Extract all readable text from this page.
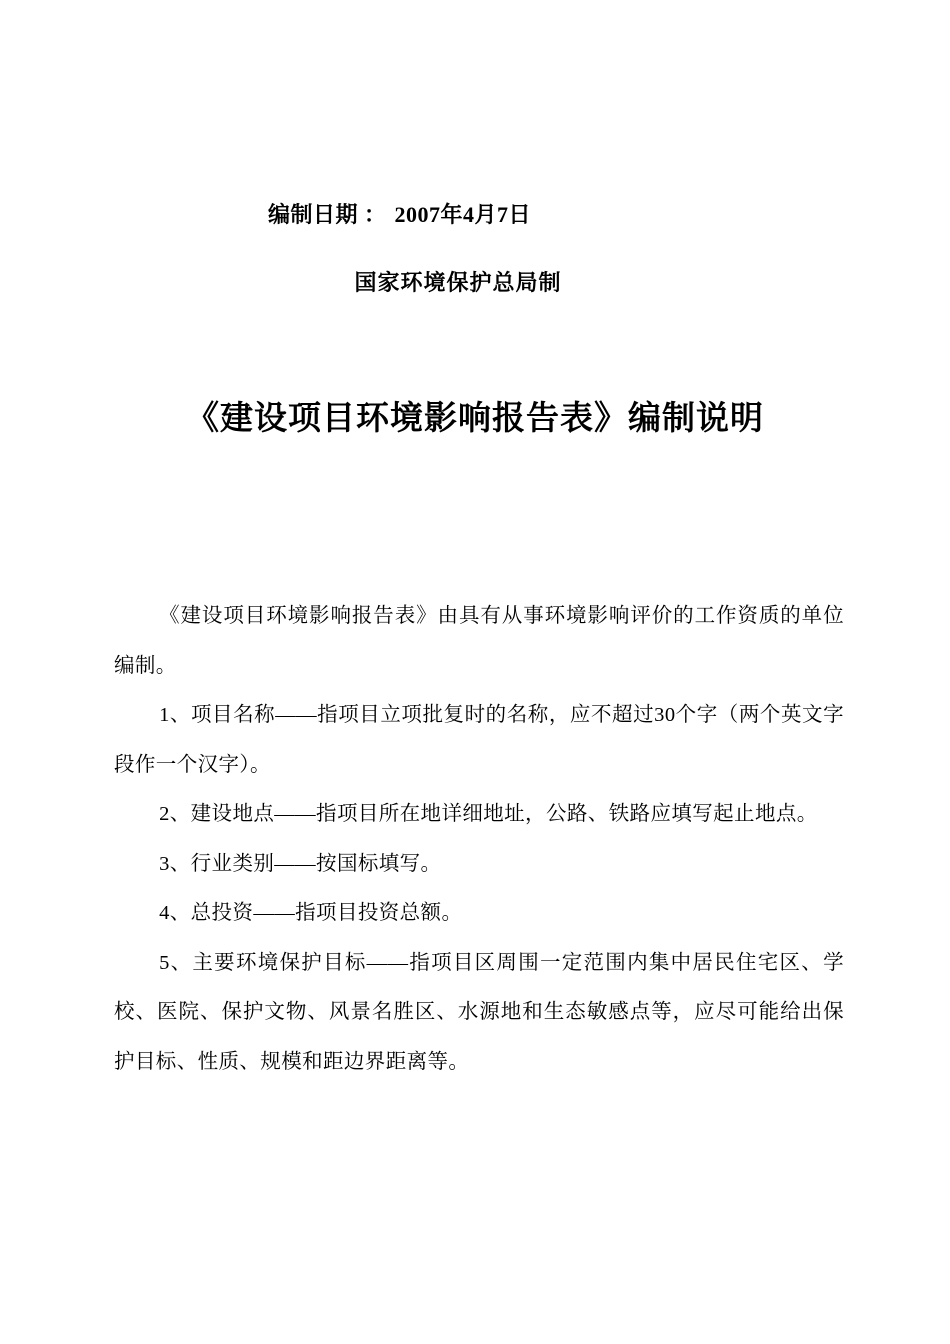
编制日期 ： 2007年4月7日
国家环境保护总局制
《建设项目环境影响报告表》编制说明

《建设项目环境影响报告表》由具有从事环境影响评价的工作资质的单位编制。

1、项目名称——指项目立项批复时的名称，应不超过30个字（两个英文字段作一个汉字）。

2、建设地点——指项目所在地详细地址，公路、铁路应填写起止地点。

3、行业类别——按国标填写。

4、总投资——指项目投资总额。

5、主要环境保护目标——指项目区周围一定范围内集中居民住宅区、学校、医院、保护文物、风景名胜区、水源地和生态敏感点等，应尽可能给出保护目标、性质、规模和距边界距离等。
